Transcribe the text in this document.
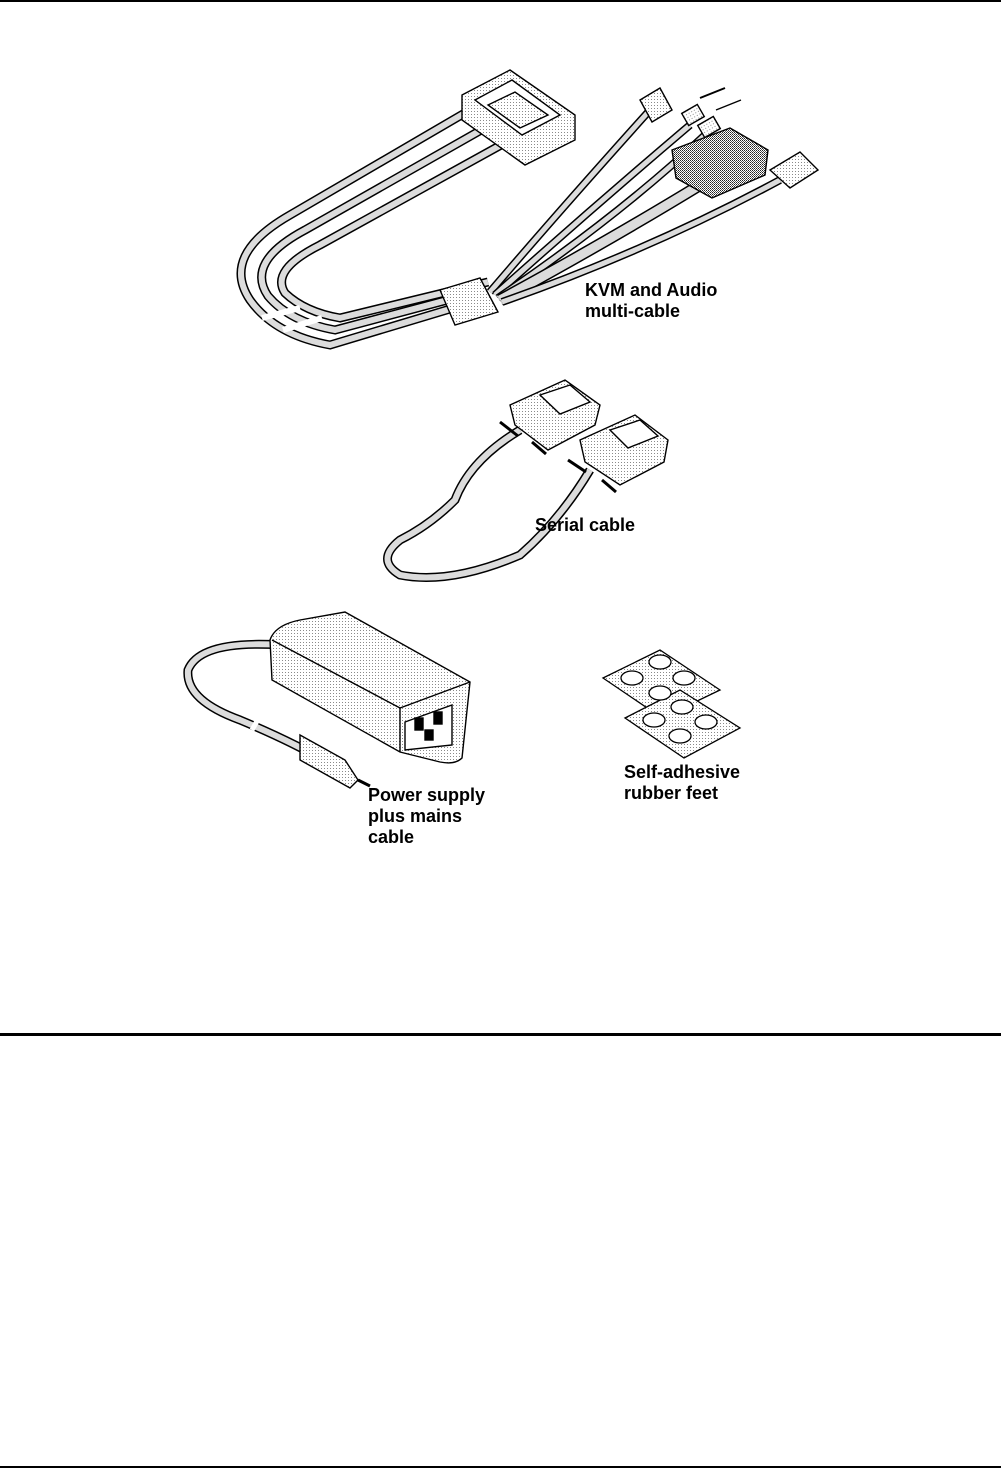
KVM and Audio
multi-cable
Serial cable
Power supply
plus mains
cable
Self-adhesive
rubber feet
